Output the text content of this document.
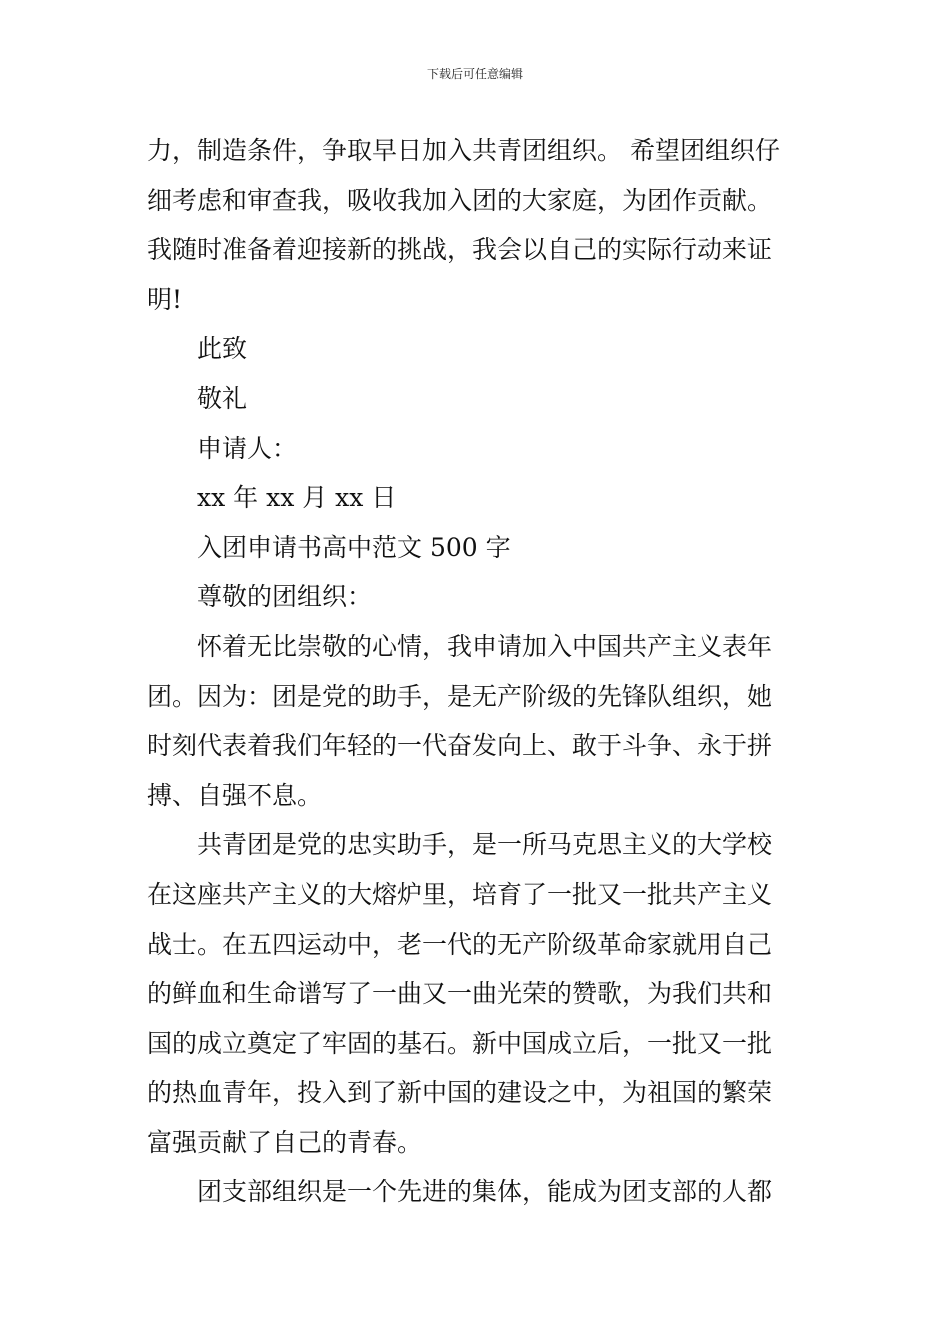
下载后可任意编辑
力，制造条件，争取早日加入共青团组织。 希望团组织仔
细考虑和审查我，吸收我加入团的大家庭，为团作贡献。
我随时准备着迎接新的挑战，我会以自己的实际行动来证
明!
此致
敬礼
申请人：
xx 年 xx 月 xx 日
入团申请书高中范文 500 字
尊敬的团组织：
怀着无比崇敬的心情，我申请加入中国共产主义表年
团。因为：团是党的助手，是无产阶级的先锋队组织，她
时刻代表着我们年轻的一代奋发向上、敢于斗争、永于拼
搏、自强不息。
共青团是党的忠实助手，是一所马克思主义的大学校
在这座共产主义的大熔炉里，培育了一批又一批共产主义
战士。在五四运动中，老一代的无产阶级革命家就用自己
的鲜血和生命谱写了一曲又一曲光荣的赞歌，为我们共和
国的成立奠定了牢固的基石。新中国成立后，一批又一批
的热血青年，投入到了新中国的建设之中，为祖国的繁荣
富强贡献了自己的青春。
团支部组织是一个先进的集体，能成为团支部的人都
